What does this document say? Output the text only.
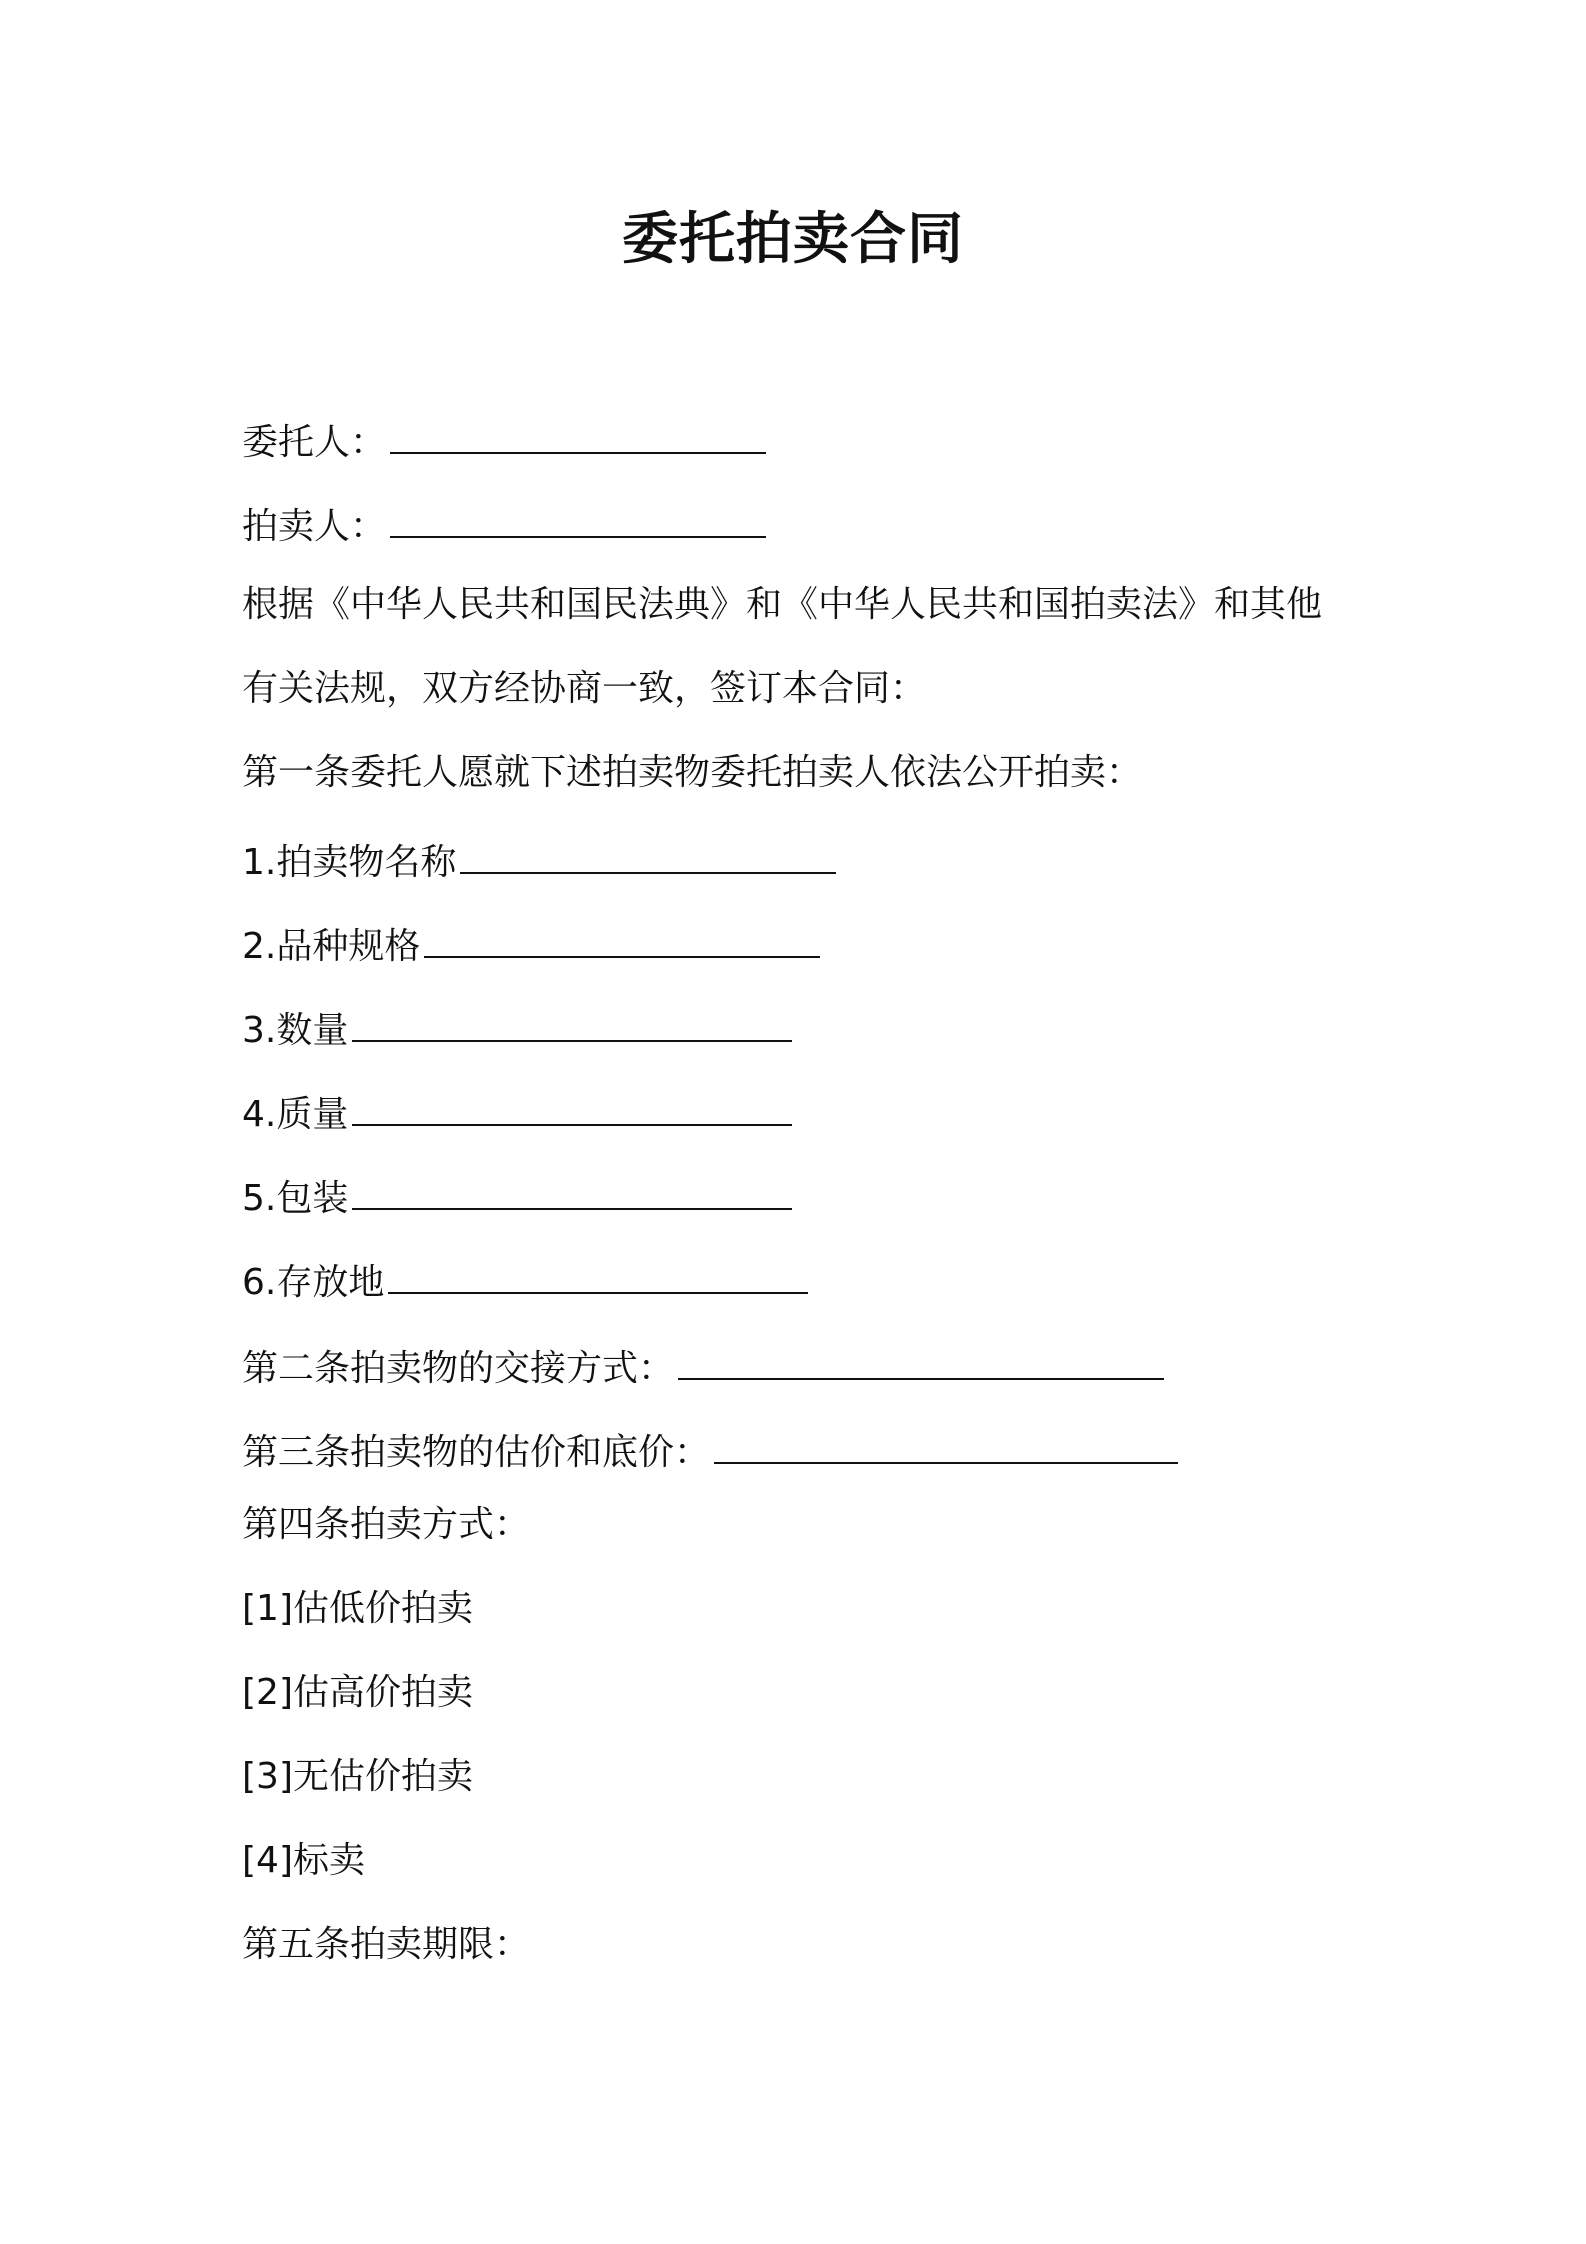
委托拍卖合同
委托人：
拍卖人：
根据《中华人民共和国民法典》和《中华人民共和国拍卖法》和其他
有关法规，双方经协商一致，签订本合同：
第一条委托人愿就下述拍卖物委托拍卖人依法公开拍卖：
1.拍卖物名称
2.品种规格
3.数量
4.质量
5.包装
6.存放地
第二条拍卖物的交接方式：
第三条拍卖物的估价和底价：
第四条拍卖方式：
[1]估低价拍卖
[2]估高价拍卖
[3]无估价拍卖
[4]标卖
第五条拍卖期限：
